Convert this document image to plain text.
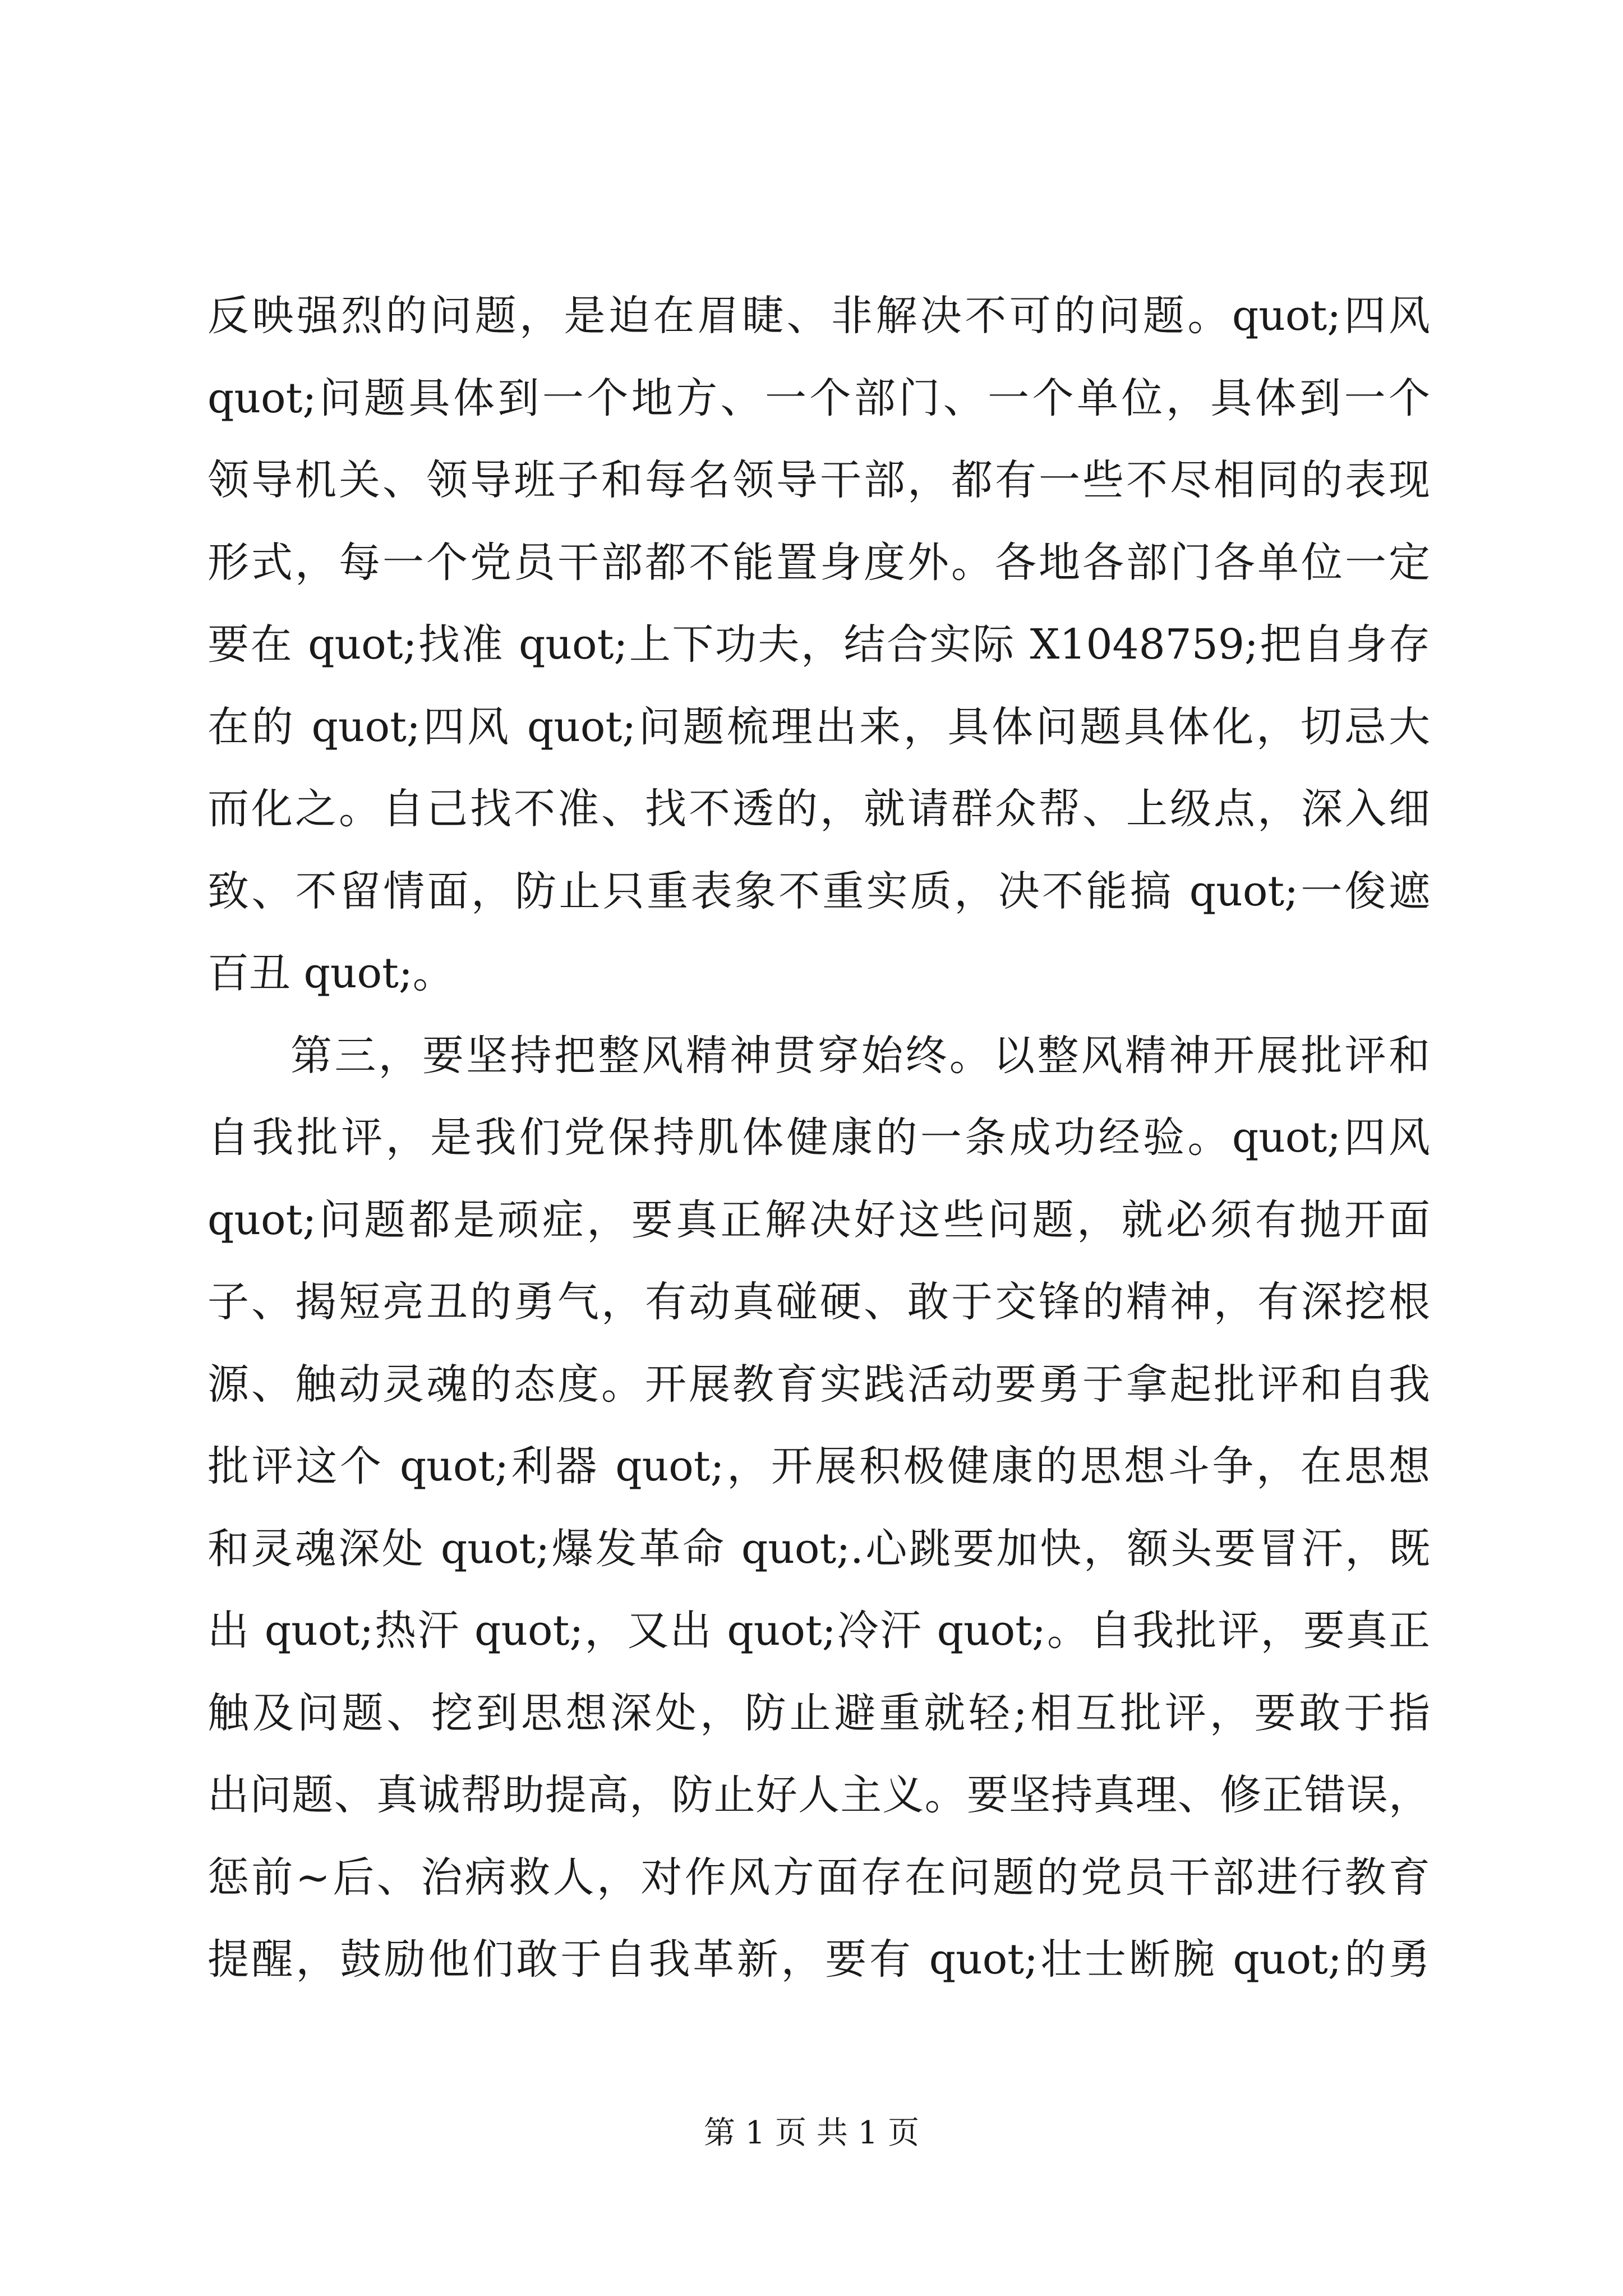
反映强烈的问题，是迫在眉睫、非解决不可的问题。quot;四风
quot;问题具体到一个地方、一个部门、一个单位，具体到一个
领导机关、领导班子和每名领导干部，都有一些不尽相同的表现
形式，每一个党员干部都不能置身度外。各地各部门各单位一定
要在 quot;找准 quot;上下功夫，结合实际 X1048759;把自身存
在的 quot;四风 quot;问题梳理出来，具体问题具体化，切忌大
而化之。自己找不准、找不透的，就请群众帮、上级点，深入细
致、不留情面，防止只重表象不重实质，决不能搞 quot;一俊遮
百丑 quot;。
第三，要坚持把整风精神贯穿始终。以整风精神开展批评和
自我批评，是我们党保持肌体健康的一条成功经验。quot;四风
quot;问题都是顽症，要真正解决好这些问题，就必须有抛开面
子、揭短亮丑的勇气，有动真碰硬、敢于交锋的精神，有深挖根
源、触动灵魂的态度。开展教育实践活动要勇于拿起批评和自我
批评这个 quot;利器 quot;，开展积极健康的思想斗争，在思想
和灵魂深处 quot;爆发革命 quot;.心跳要加快，额头要冒汗，既
出 quot;热汗 quot;，又出 quot;冷汗 quot;。自我批评，要真正
触及问题、挖到思想深处，防止避重就轻;相互批评，要敢于指
出问题、真诚帮助提高，防止好人主义。要坚持真理、修正错误，
惩前~后、治病救人，对作风方面存在问题的党员干部进行教育
提醒，鼓励他们敢于自我革新，要有 quot;壮士断腕 quot;的勇
第 1 页 共 1 页
